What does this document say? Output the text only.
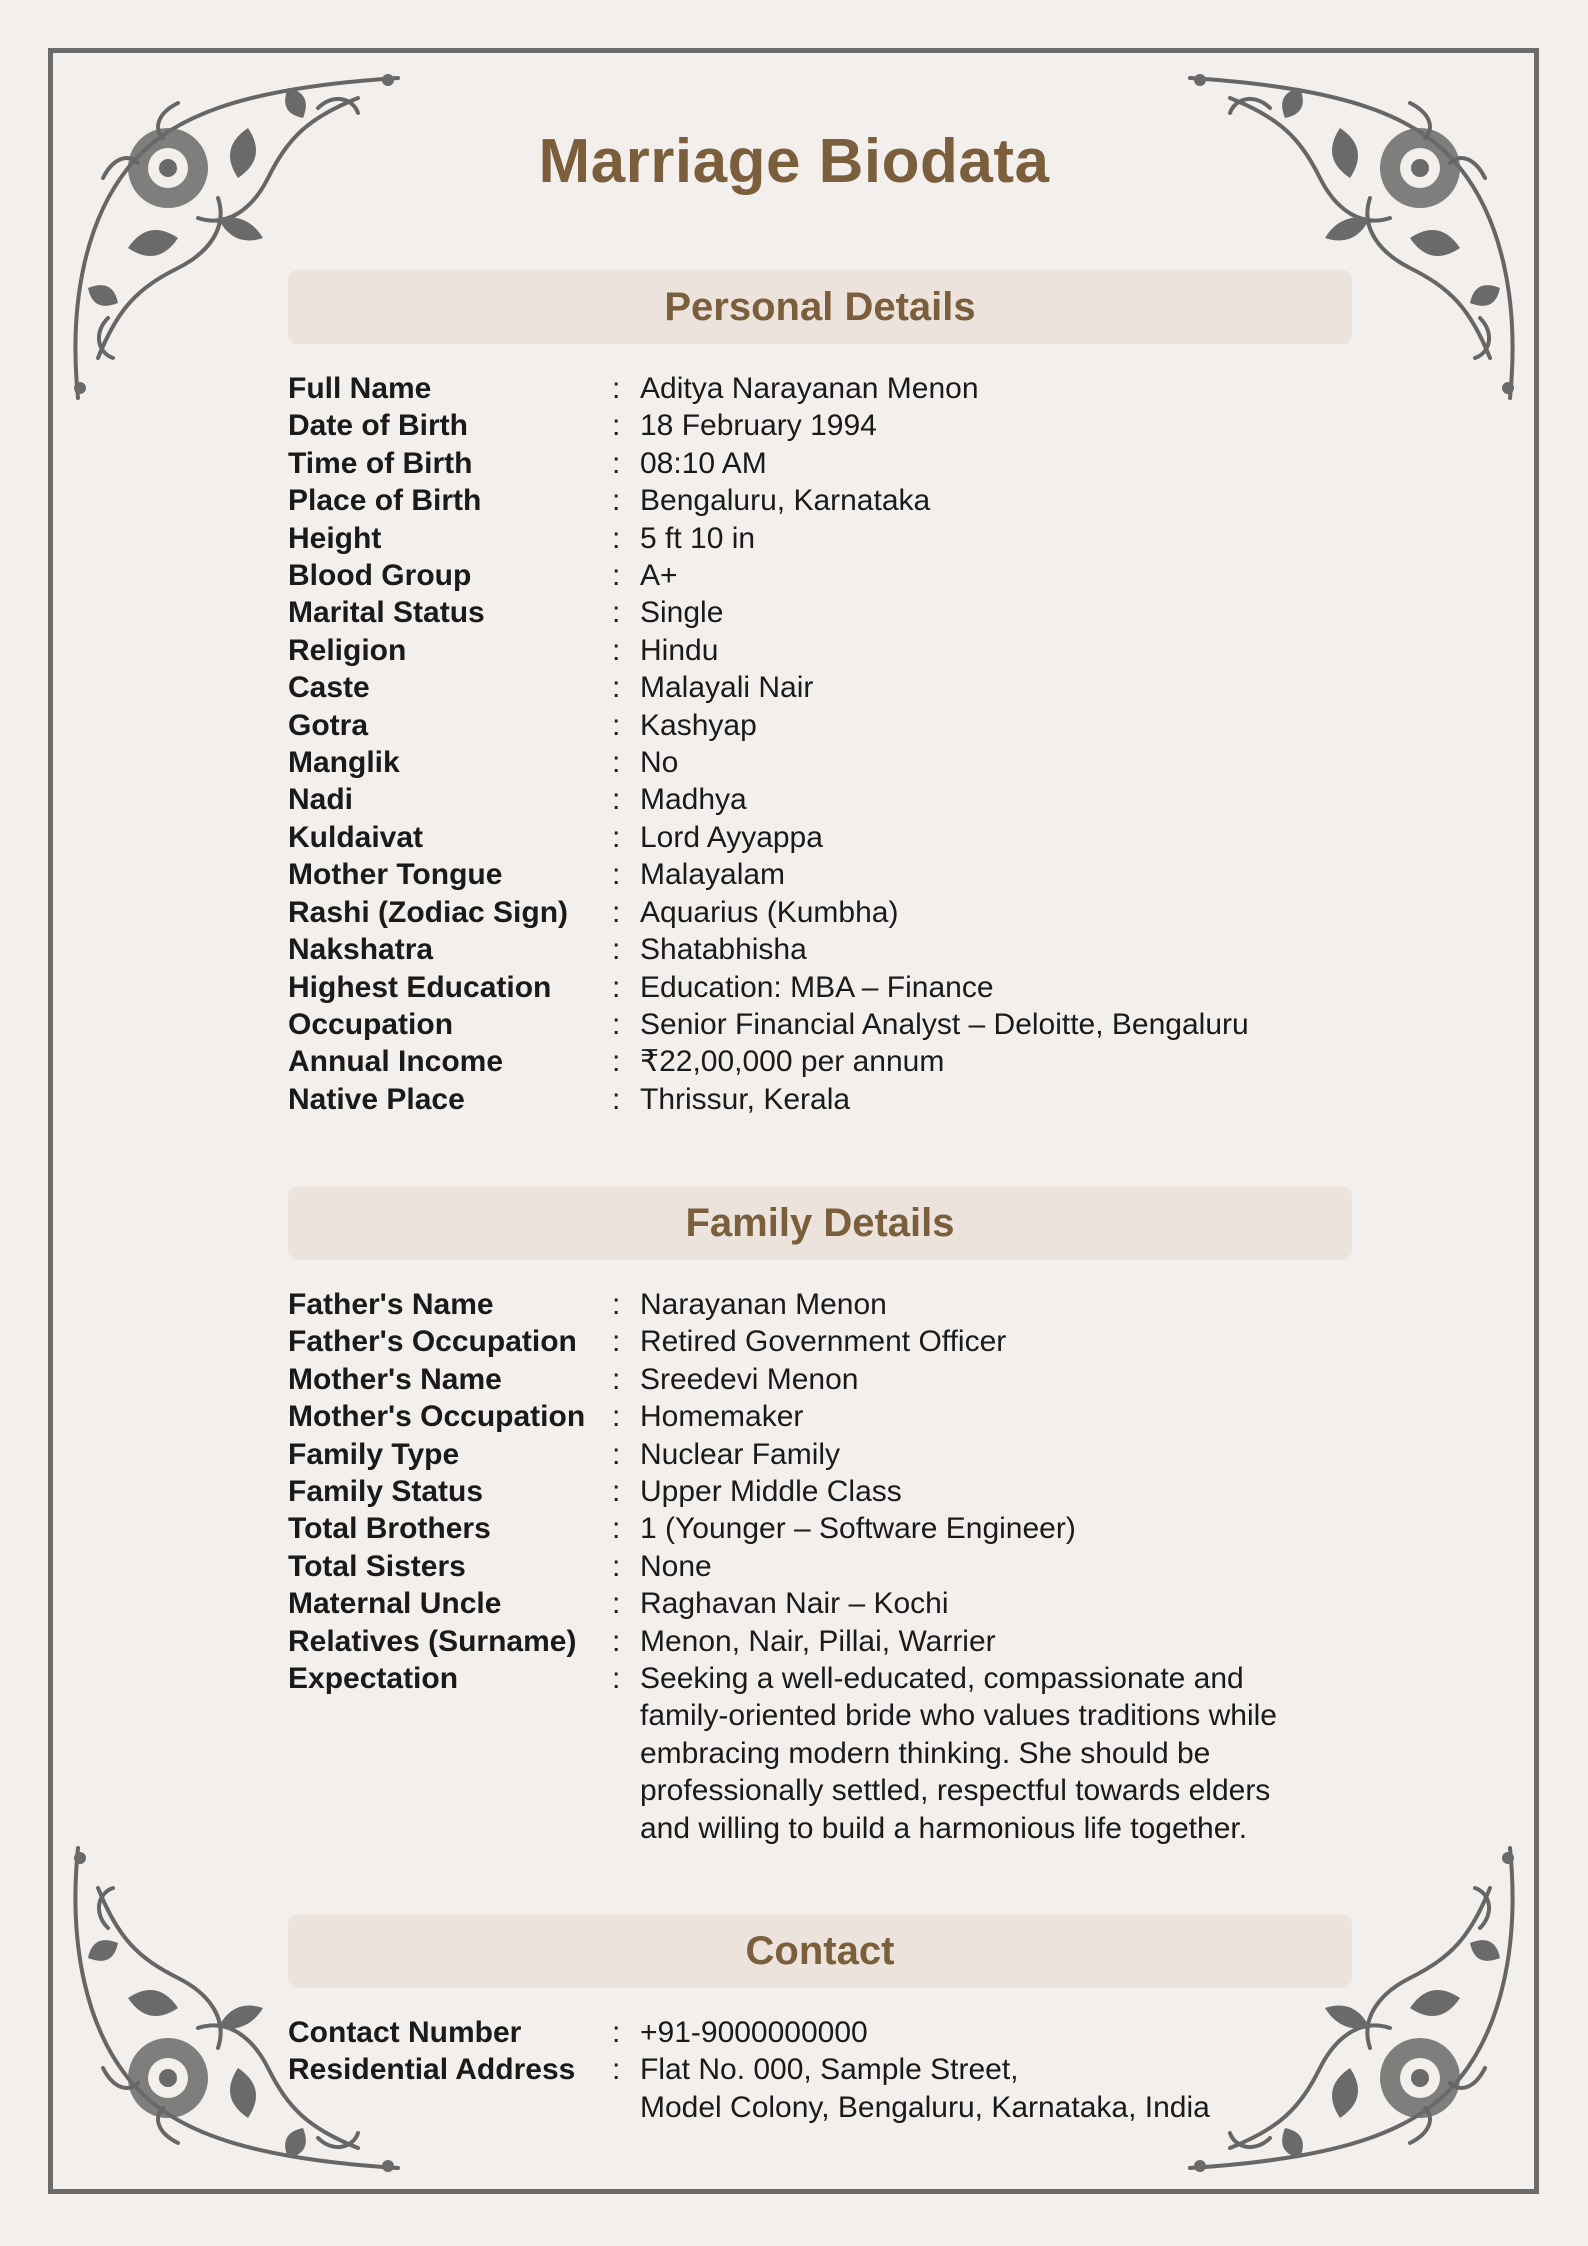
Marriage Biodata
Personal Details
Full Name	: Aditya Narayanan Menon
Date of Birth	: 18 February 1994
Time of Birth	: 08:10 AM
Place of Birth	: Bengaluru, Karnataka
Height	: 5 ft 10 in
Blood Group	: A+
Marital Status	: Single
Religion	: Hindu
Caste	: Malayali Nair
Gotra	: Kashyap
Manglik	: No
Nadi	: Madhya
Kuldaivat	: Lord Ayyappa
Mother Tongue	: Malayalam
Rashi (Zodiac Sign)	: Aquarius (Kumbha)
Nakshatra	: Shatabhisha
Highest Education	: Education: MBA – Finance
Occupation	: Senior Financial Analyst – Deloitte, Bengaluru
Annual Income	: ₹22,00,000 per annum
Native Place	: Thrissur, Kerala
Family Details
Father's Name	: Narayanan Menon
Father's Occupation	: Retired Government Officer
Mother's Name	: Sreedevi Menon
Mother's Occupation : Homemaker
Family Type	: Nuclear Family
Family Status	: Upper Middle Class
Total Brothers	: 1 (Younger – Software Engineer)
Total Sisters	: None
Maternal Uncle	: Raghavan Nair – Kochi
Relatives (Surname)	: Menon, Nair, Pillai, Warrier
Expectation	: Seeking a well-educated, compassionate and
family-oriented bride who values traditions while
embracing modern thinking. She should be
professionally settled, respectful towards elders
and willing to build a harmonious life together.
Contact
Contact Number	: +91-9000000000
Residential Address	: Flat No. 000, Sample Street,
Model Colony, Bengaluru, Karnataka, India
